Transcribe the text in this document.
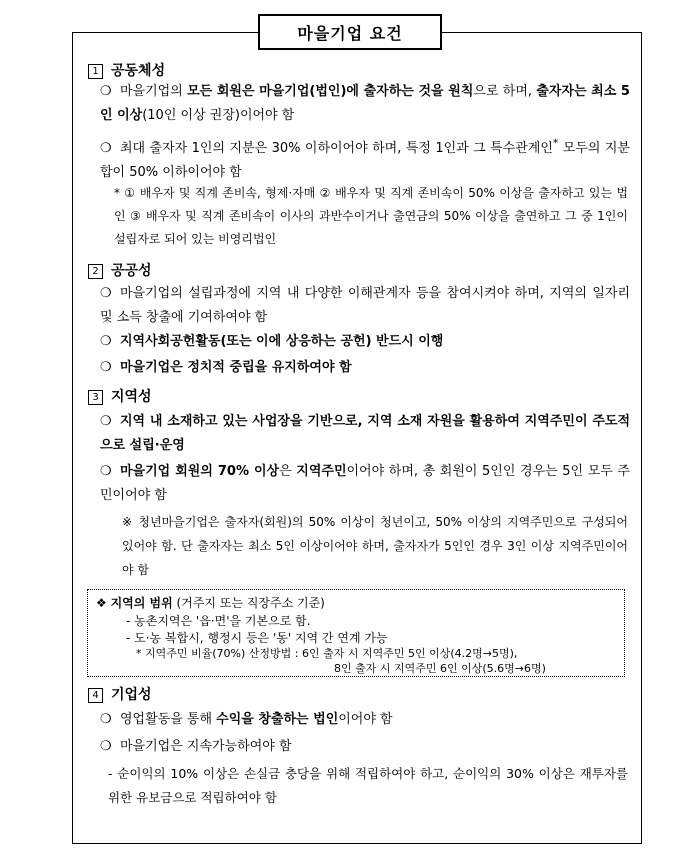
마을기업 요건
1 공동체성
❍ 마을기업의 모든 회원은 마을기업(법인)에 출자하는 것을 원칙으로 하며, 출자자는 최소 5인 이상(10인 이상 권장)이어야 함
❍ 최대 출자자 1인의 지분은 30% 이하이어야 하며, 특정 1인과 그 특수관계인* 모두의 지분 합이 50% 이하이어야 함
* ① 배우자 및 직계 존비속, 형제·자매 ② 배우자 및 직계 존비속이 50% 이상을 출자하고 있는 법인 ③ 배우자 및 직계 존비속이 이사의 과반수이거나 출연금의 50% 이상을 출연하고 그 중 1인이 설립자로 되어 있는 비영리법인
2 공공성
❍ 마을기업의 설립과정에 지역 내 다양한 이해관계자 등을 참여시켜야 하며, 지역의 일자리 및 소득 창출에 기여하여야 함
❍ 지역사회공헌활동(또는 이에 상응하는 공헌) 반드시 이행
❍ 마을기업은 정치적 중립을 유지하여야 함
3 지역성
❍ 지역 내 소재하고 있는 사업장을 기반으로, 지역 소재 자원을 활용하여 지역주민이 주도적으로 설립·운영
❍ 마을기업 회원의 70% 이상은 지역주민이어야 하며, 총 회원이 5인인 경우는 5인 모두 주민이어야 함
※ 청년마을기업은 출자자(회원)의 50% 이상이 청년이고, 50% 이상의 지역주민으로 구성되어 있어야 함. 단 출자자는 최소 5인 이상이어야 하며, 출자자가 5인인 경우 3인 이상 지역주민이어야 함
❖ 지역의 범위 (거주지 또는 직장주소 기준)
- 농촌지역은 '읍·면'을 기본으로 함.
- 도·농 복합시, 행정시 등은 '동' 지역 간 연계 가능
* 지역주민 비율(70%) 산정방법 : 6인 출자 시 지역주민 5인 이상(4.2명→5명),
8인 출자 시 지역주민 6인 이상(5.6명→6명)
4 기업성
❍ 영업활동을 통해 수익을 창출하는 법인이어야 함
❍ 마을기업은 지속가능하여야 함
- 순이익의 10% 이상은 손실금 충당을 위해 적립하여야 하고, 순이익의 30% 이상은 재투자를 위한 유보금으로 적립하여야 함
